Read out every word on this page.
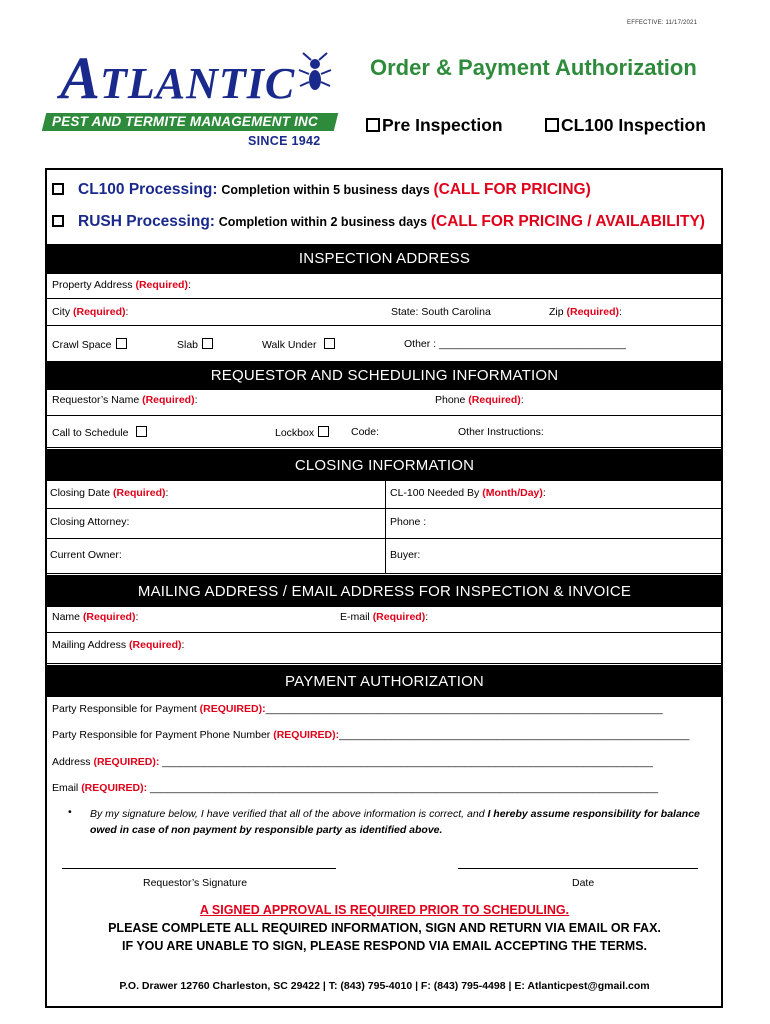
EFFECTIVE: 11/17/2021
ATLANTIC
PEST AND TERMITE MANAGEMENT INC
SINCE 1942
Order & Payment Authorization
Pre Inspection	CL100 Inspection
CL100 Processing: Completion within 5 business days (CALL FOR PRICING)
RUSH Processing: Completion within 2 business days (CALL FOR PRICING / AVAILABILITY)
INSPECTION ADDRESS
Property Address (Required):
City (Required):	State: South Carolina	Zip (Required):
Crawl Space	Slab	Walk Under	Other : ________________________________
REQUESTOR AND SCHEDULING INFORMATION
Requestor’s Name (Required):	Phone (Required):
Call to Schedule	Lockbox	Code:	Other Instructions:
CLOSING INFORMATION
Closing Date (Required):	CL-100 Needed By (Month/Day):
Closing Attorney:	Phone :
Current Owner:	Buyer:
MAILING ADDRESS / EMAIL ADDRESS FOR INSPECTION & INVOICE
Name (Required):	E-mail (Required):
Mailing Address (Required):
PAYMENT AUTHORIZATION
Party Responsible for Payment (REQUIRED):____________________________________________________________________
Party Responsible for Payment Phone Number (REQUIRED):____________________________________________________________
Address (REQUIRED): ____________________________________________________________________________________
Email (REQUIRED): _______________________________________________________________________________________
• By my signature below, I have verified that all of the above information is correct, and I hereby assume responsibility for balance owed in case of non payment by responsible party as identified above.
Requestor’s Signature	Date
A SIGNED APPROVAL IS REQUIRED PRIOR TO SCHEDULING.
PLEASE COMPLETE ALL REQUIRED INFORMATION, SIGN AND RETURN VIA EMAIL OR FAX.
IF YOU ARE UNABLE TO SIGN, PLEASE RESPOND VIA EMAIL ACCEPTING THE TERMS.
P.O. Drawer 12760 Charleston, SC 29422 | T: (843) 795-4010 | F: (843) 795-4498 | E: Atlanticpest@gmail.com
